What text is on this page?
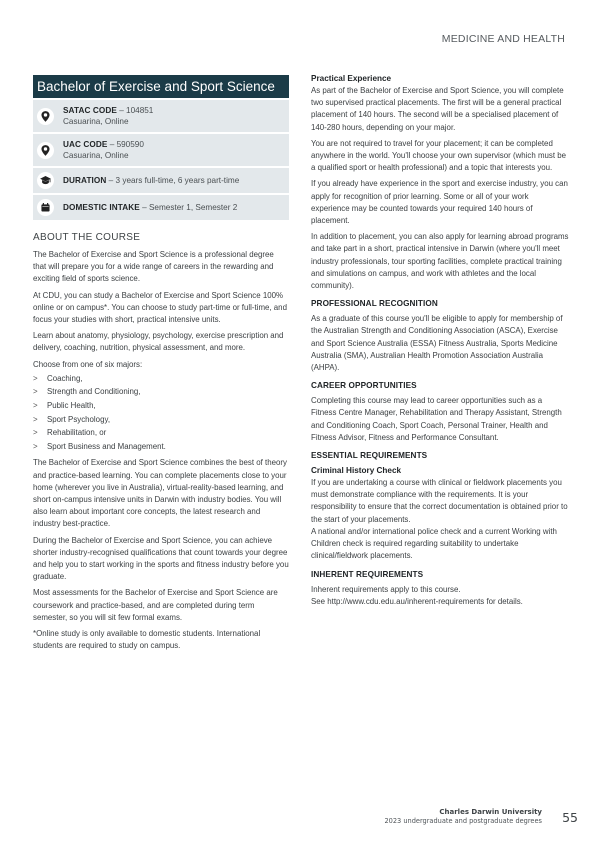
MEDICINE AND HEALTH
Bachelor of Exercise and Sport Science
SATAC CODE – 104851
Casuarina, Online
UAC CODE – 590590
Casuarina, Online
DURATION – 3 years full-time, 6 years part-time
DOMESTIC INTAKE – Semester 1, Semester 2
ABOUT THE COURSE

The Bachelor of Exercise and Sport Science is a professional degree that will prepare you for a wide range of careers in the rewarding and exciting field of sports science.

At CDU, you can study a Bachelor of Exercise and Sport Science 100% online or on campus*. You can choose to study part-time or full-time, and focus your studies with short, practical intensive units.

Learn about anatomy, physiology, psychology, exercise prescription and delivery, coaching, nutrition, physical assessment, and more.

Choose from one of six majors:

>	Coaching,
>	Strength and Conditioning,
>	Public Health,
>	Sport Psychology,
>	Rehabilitation, or
>	Sport Business and Management.

The Bachelor of Exercise and Sport Science combines the best of theory and practice-based learning. You can complete placements close to your home (wherever you live in Australia), virtual-reality-based learning, and short on-campus intensive units in Darwin with industry bodies. You will also learn about important core concepts, the latest research and industry best-practice.

During the Bachelor of Exercise and Sport Science, you can achieve shorter industry-recognised qualifications that count towards your degree and help you to start working in the sports and fitness industry before you graduate.

Most assessments for the Bachelor of Exercise and Sport Science are coursework and practice-based, and are completed during term semester, so you will sit few formal exams.

*Online study is only available to domestic students. International students are required to study on campus.

Practical Experience

As part of the Bachelor of Exercise and Sport Science, you will complete two supervised practical placements. The first will be a general practical placement of 140 hours. The second will be a specialised placement of 140-280 hours, depending on your major.

You are not required to travel for your placement; it can be completed anywhere in the world. You'll choose your own supervisor (which must be a qualified sport or health professional) and a topic that interests you.

If you already have experience in the sport and exercise industry, you can apply for recognition of prior learning. Some or all of your work experience may be counted towards your required 140 hours of placement.

In addition to placement, you can also apply for learning abroad programs and take part in a short, practical intensive in Darwin (where you'll meet industry professionals, tour sporting facilities, complete practical training and simulations on campus, and work with athletes and the local community).

PROFESSIONAL RECOGNITION

As a graduate of this course you'll be eligible to apply for membership of the Australian Strength and Conditioning Association (ASCA), Exercise and Sport Science Australia (ESSA) Fitness Australia, Sports Medicine Australia (SMA), Australian Health Promotion Association Australia (AHPA).

CAREER OPPORTUNITIES

Completing this course may lead to career opportunities such as a Fitness Centre Manager, Rehabilitation and Therapy Assistant, Strength and Conditioning Coach, Sport Coach, Personal Trainer, Health and Fitness Advisor, Fitness and Performance Consultant.

ESSENTIAL REQUIREMENTS
Criminal History Check

If you are undertaking a course with clinical or fieldwork placements you must demonstrate compliance with the requirements. It is your responsibility to ensure that the correct documentation is obtained prior to the start of your placements.

A national and/or international police check and a current Working with Children check is required regarding suitability to undertake clinical/fieldwork placements.

INHERENT REQUIREMENTS

Inherent requirements apply to this course.
See http://www.cdu.edu.au/inherent-requirements for details.

Charles Darwin University
2023 undergraduate and postgraduate degrees 55
